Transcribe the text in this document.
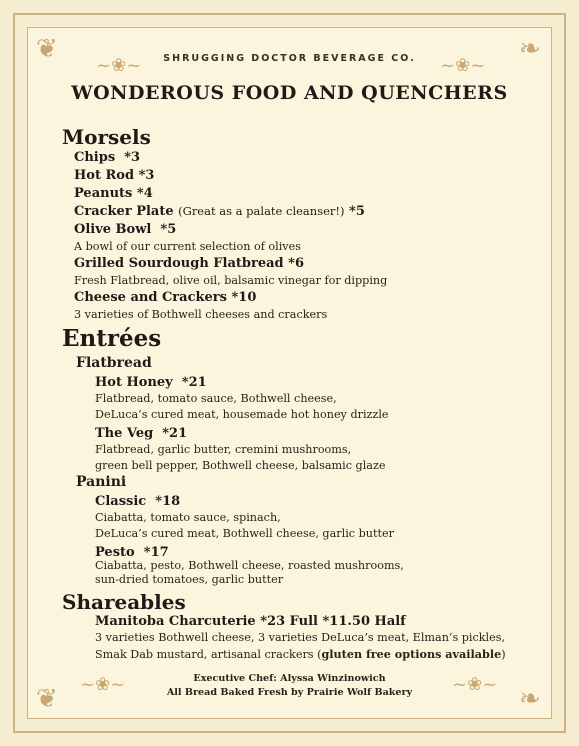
❦	❧
❦	❧
~❀~	~❀~
~❀~	~❀~
SHRUGGING DOCTOR BEVERAGE CO.
WONDEROUS FOOD AND QUENCHERS
Morsels
Chips *3
Hot Rod *3
Peanuts *4
Cracker Plate (Great as a palate cleanser!) *5
Olive Bowl *5
A bowl of our current selection of olives
Grilled Sourdough Flatbread *6
Fresh Flatbread, olive oil, balsamic vinegar for dipping
Cheese and Crackers *10
3 varieties of Bothwell cheeses and crackers
Entrées
Flatbread
Hot Honey *21
Flatbread, tomato sauce, Bothwell cheese,
DeLuca’s cured meat, housemade hot honey drizzle
The Veg *21
Flatbread, garlic butter, cremini mushrooms,
green bell pepper, Bothwell cheese, balsamic glaze
Panini
Classic *18
Ciabatta, tomato sauce, spinach,
DeLuca’s cured meat, Bothwell cheese, garlic butter
Pesto *17
Ciabatta, pesto, Bothwell cheese, roasted mushrooms,
sun-dried tomatoes, garlic butter
Shareables
Manitoba Charcuterie *23 Full *11.50 Half
3 varieties Bothwell cheese, 3 varieties DeLuca’s meat, Elman’s pickles,
Smak Dab mustard, artisanal crackers (gluten free options available)
Executive Chef: Alyssa Winzinowich
All Bread Baked Fresh by Prairie Wolf Bakery
